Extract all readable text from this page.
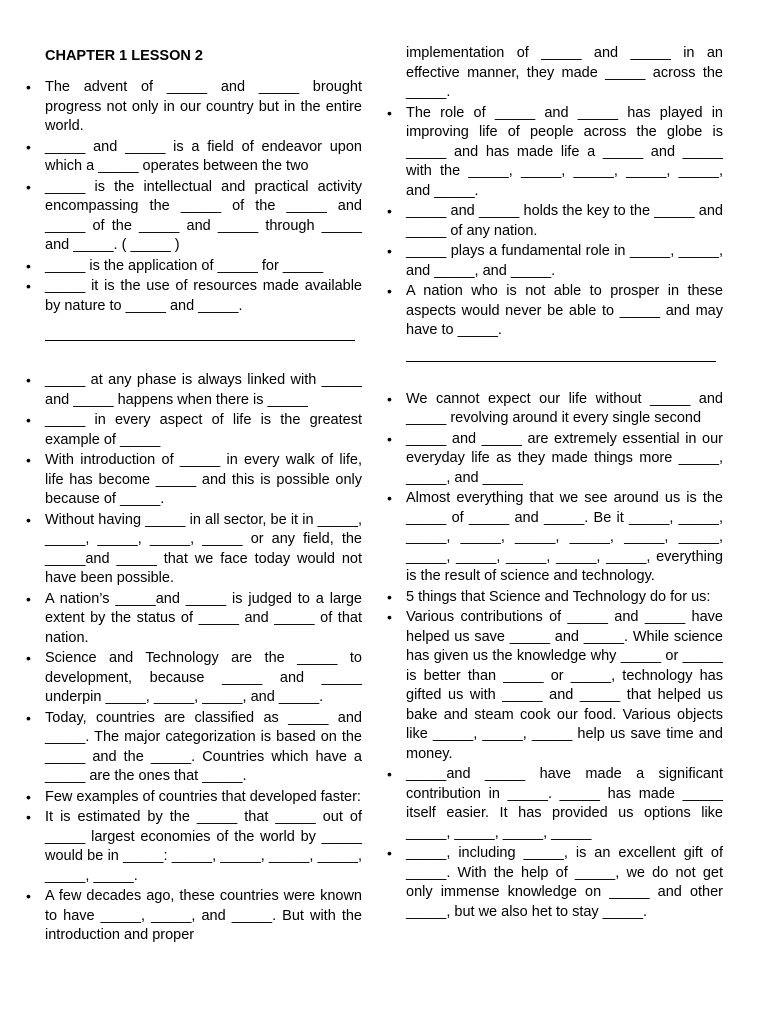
CHAPTER 1 LESSON 2
• The advent of _____ and _____ brought progress not only in our country but in the entire world.
• _____ and _____ is a field of endeavor upon which a _____ operates between the two
• _____ is the intellectual and practical activity encompassing the _____ of the _____ and _____ of the _____ and _____ through _____ and _____. ( _____ )
• _____ is the application of _____ for _____
• _____ it is the use of resources made available by nature to _____ and _____.
• _____ at any phase is always linked with _____ and _____ happens when there is _____
• _____ in every aspect of life is the greatest example of _____
• With introduction of _____ in every walk of life, life has become _____ and this is possible only because of _____.
• Without having _____ in all sector, be it in _____, _____, _____, _____, _____ or any field, the _____and _____ that we face today would not have been possible.
• A nation’s _____and _____ is judged to a large extent by the status of _____ and _____ of that nation.
• Science and Technology are the _____ to development, because _____ and _____ underpin _____, _____, _____, and _____.
• Today, countries are classified as _____ and _____. The major categorization is based on the _____ and the _____. Countries which have a _____ are the ones that _____.
• Few examples of countries that developed faster:
• It is estimated by the _____ that _____ out of _____ largest economies of the world by _____ would be in _____: _____, _____, _____, _____, _____, _____.
• A few decades ago, these countries were known to have _____, _____, and _____. But with the introduction and proper
implementation of _____ and _____ in an effective manner, they made _____ across the _____.
• The role of _____ and _____ has played in improving life of people across the globe is _____ and has made life a _____ and _____ with the _____, _____, _____, _____, _____, and _____.
• _____ and _____ holds the key to the _____ and _____ of any nation.
• _____ plays a fundamental role in _____, _____, and _____, and _____.
• A nation who is not able to prosper in these aspects would never be able to _____ and may have to _____.
• We cannot expect our life without _____ and _____ revolving around it every single second
• _____ and _____ are extremely essential in our everyday life as they made things more _____, _____, and _____
• Almost everything that we see around us is the _____ of _____ and _____. Be it _____, _____, _____, _____, _____, _____, _____, _____, _____, _____, _____, _____, _____, everything is the result of science and technology.
• 5 things that Science and Technology do for us:
• Various contributions of _____ and _____ have helped us save _____ and _____. While science has given us the knowledge why _____ or _____ is better than _____ or _____, technology has gifted us with _____ and _____ that helped us bake and steam cook our food. Various objects like _____, _____, _____ help us save time and money.
• _____and _____ have made a significant contribution in _____. _____ has made _____ itself easier. It has provided us options like _____, _____, _____, _____
• _____, including _____, is an excellent gift of _____. With the help of _____, we do not get only immense knowledge on _____ and other _____, but we also het to stay _____.
